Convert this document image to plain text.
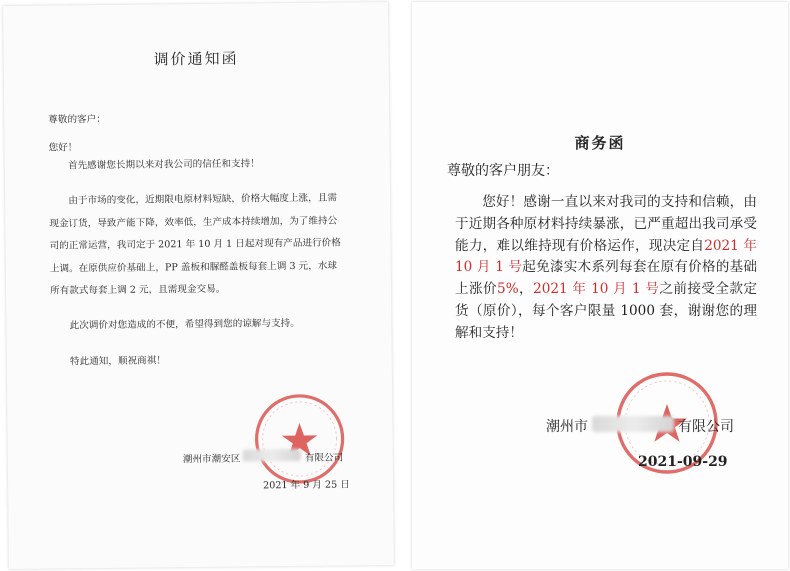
调价通知函
尊敬的客户：
您好！

首先感谢您长期以来对我公司的信任和支持！

由于市场的变化，近期限电原材料短缺，价格大幅度上涨，且需现金订货，导致产能下降，效率低，生产成本持续增加，为了维持公司的正常运营，我司定于 2021 年 10 月 1 日起对现有产品进行价格上调。在原供应价基础上，PP 盖板和脲醛盖板每套上调 3 元，水球所有款式每套上调 2 元，且需现金交易。

此次调价对您造成的不便，希望得到您的谅解与支持。

特此通知，顺祝商祺！

潮州市潮安区	有限公司
2021 年 9 月 25 日
商务函
尊敬的客户朋友：

您好！感谢一直以来对我司的支持和信赖，由于近期各种原材料持续暴涨，已严重超出我司承受能力，难以维持现有价格运作，现决定自2021 年 10 月 1 号起免漆实木系列每套在原有价格的基础上涨价5%，2021 年 10 月 1 号之前接受全款定货（原价），每个客户限量 1000 套，谢谢您的理解和支持！

潮州市	有限公司
2021-09-29
